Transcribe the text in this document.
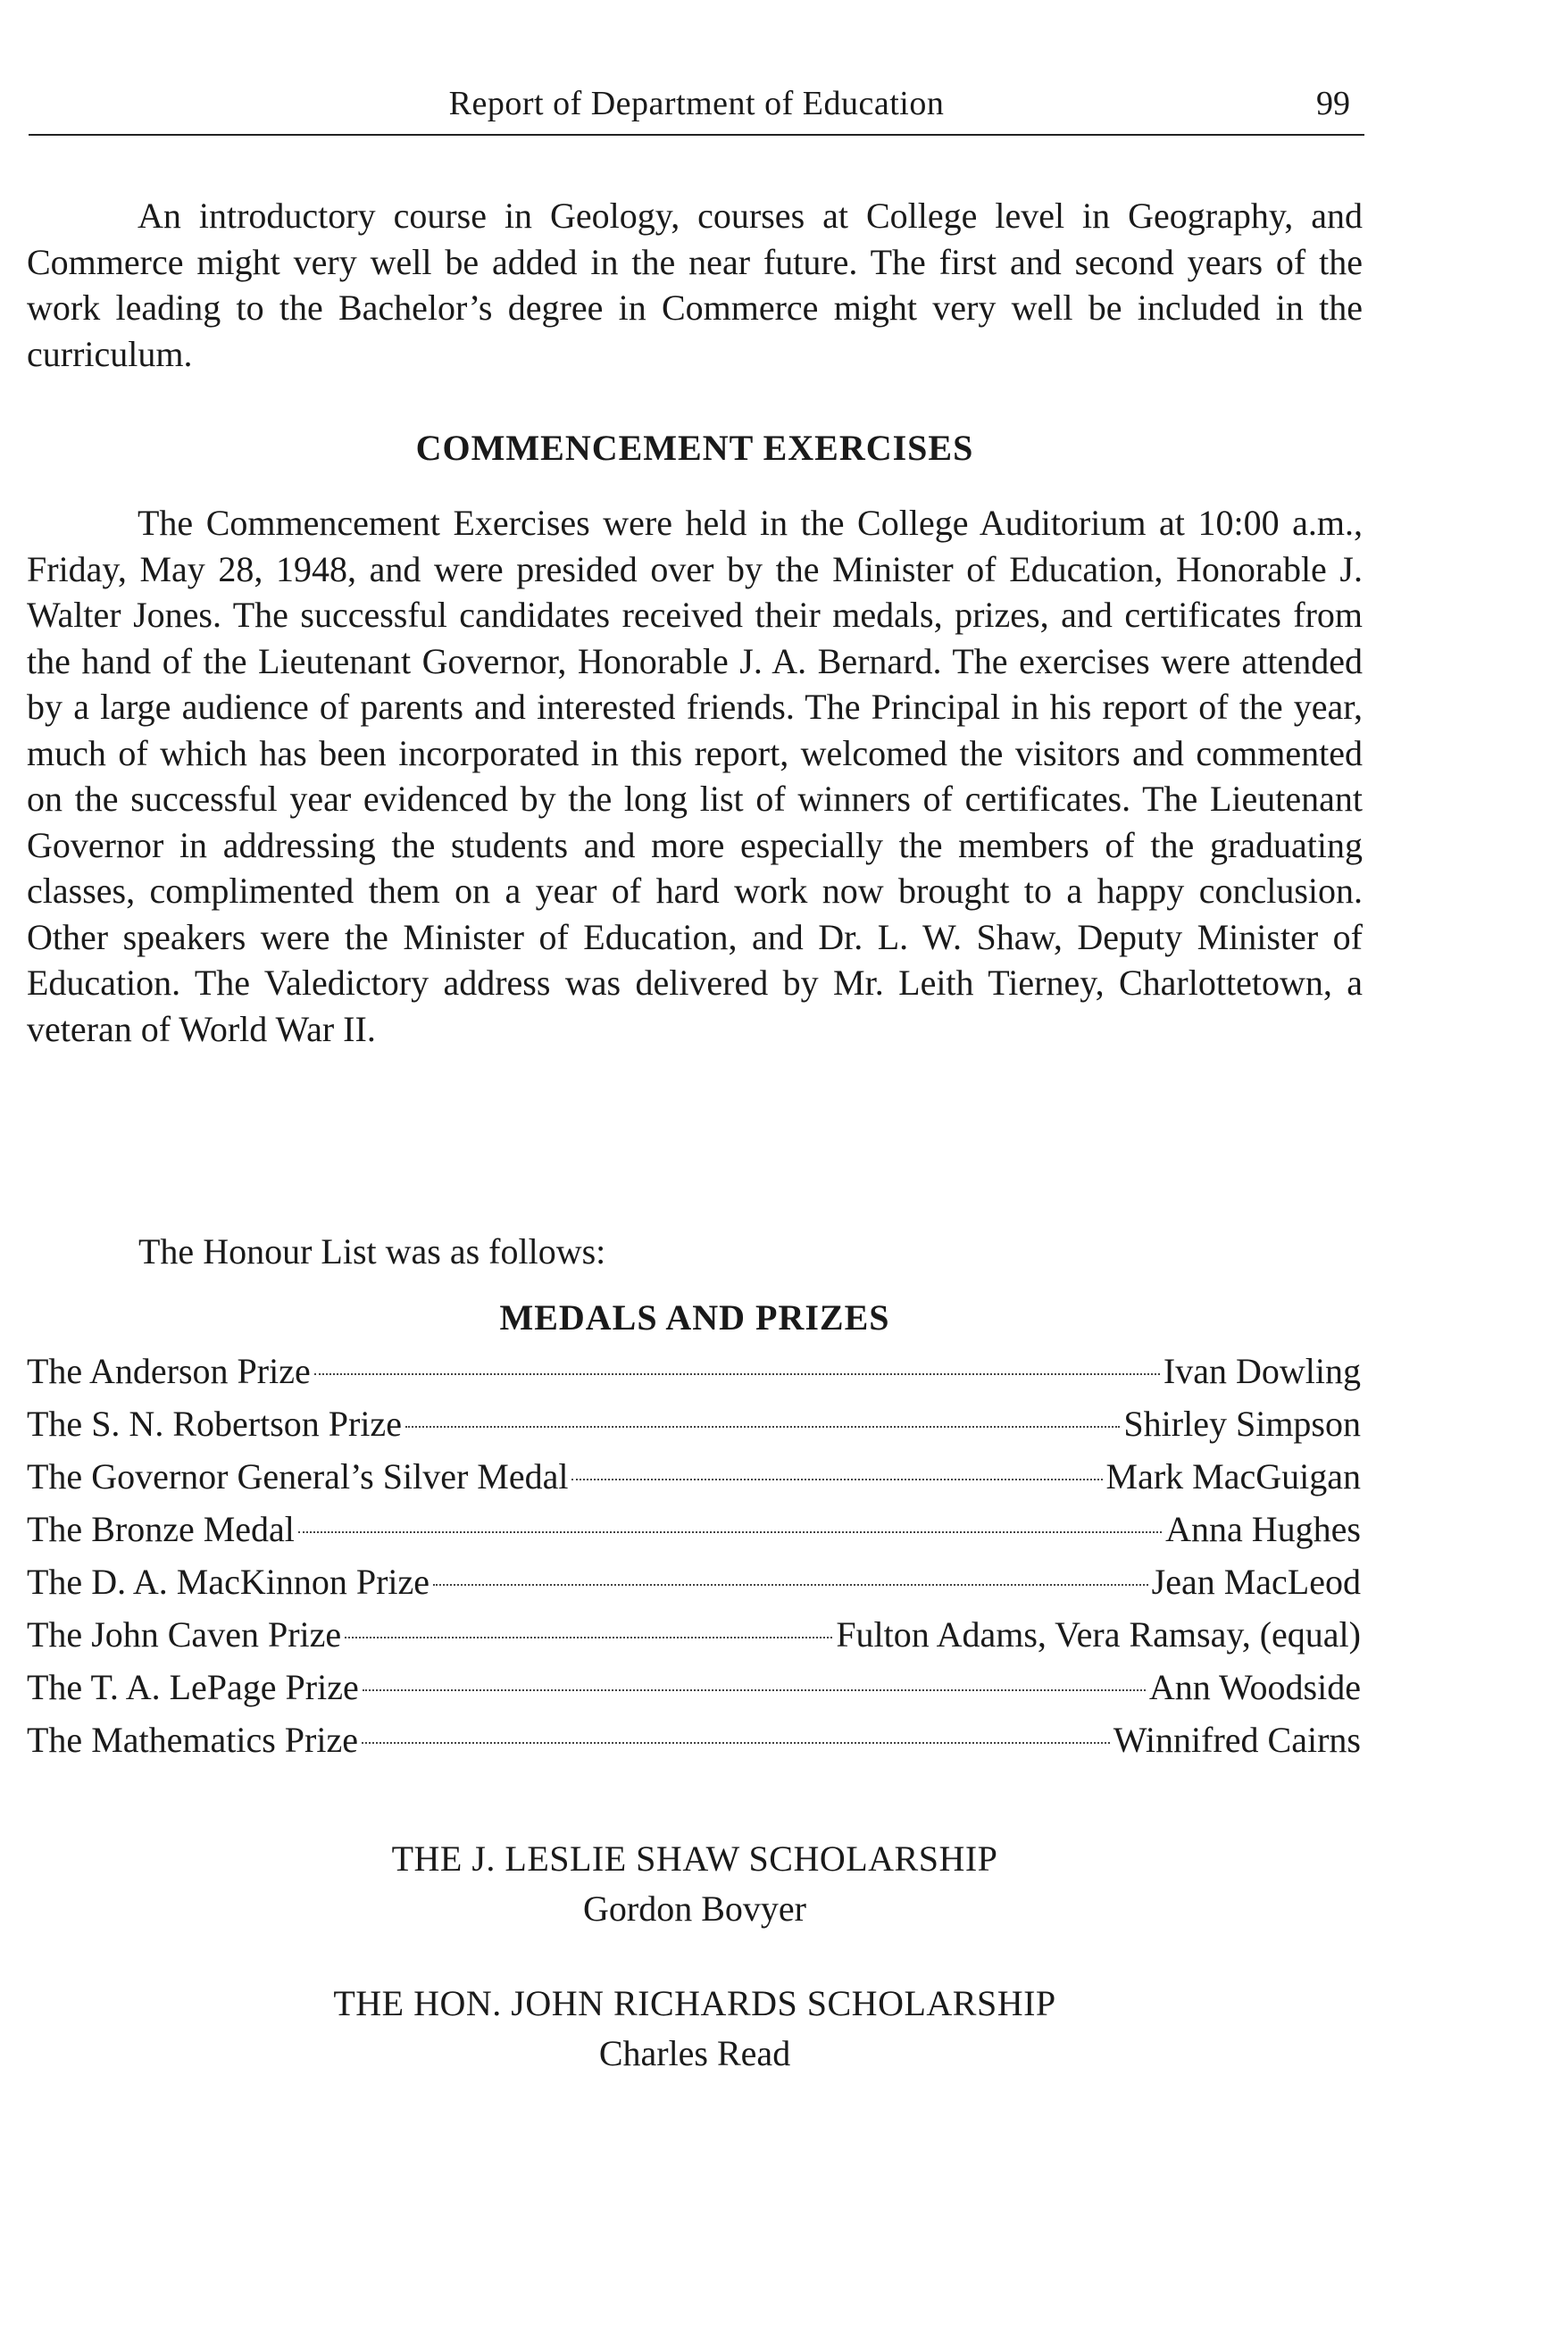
Report of Department of Education	99

An introductory course in Geology, courses at College level in Geography, and Commerce might very well be added in the near future. The first and second years of the work leading to the Bachelor’s degree in Commerce might very well be included in the curriculum.

COMMENCEMENT EXERCISES

The Commencement Exercises were held in the College Auditorium at 10:00 a.m., Friday, May 28, 1948, and were presided over by the Minister of Education, Honorable J. Walter Jones. The successful candidates received their medals, prizes, and certificates from the hand of the Lieutenant Governor, Honorable J. A. Bernard. The exercises were attended by a large audience of parents and interested friends. The Principal in his report of the year, much of which has been incorporated in this report, welcomed the visitors and commented on the successful year evidenced by the long list of winners of certificates. The Lieutenant Governor in addressing the students and more especially the members of the graduating classes, complimented them on a year of hard work now brought to a happy conclusion. Other speakers were the Minister of Education, and Dr. L. W. Shaw, Deputy Minister of Education. The Valedictory address was delivered by Mr. Leith Tierney, Charlottetown, a veteran of World War II.

The Honour List was as follows:

MEDALS AND PRIZES
The Anderson Prize	Ivan Dowling
The S. N. Robertson Prize	Shirley Simpson
The Governor General’s Silver Medal	Mark MacGuigan
The Bronze Medal	Anna Hughes
The D. A. MacKinnon Prize	Jean MacLeod
The John Caven Prize	Fulton Adams, Vera Ramsay, (equal)
The T. A. LePage Prize	Ann Woodside
The Mathematics Prize	Winnifred Cairns
THE J. LESLIE SHAW SCHOLARSHIP
Gordon Bovyer
THE HON. JOHN RICHARDS SCHOLARSHIP
Charles Read
